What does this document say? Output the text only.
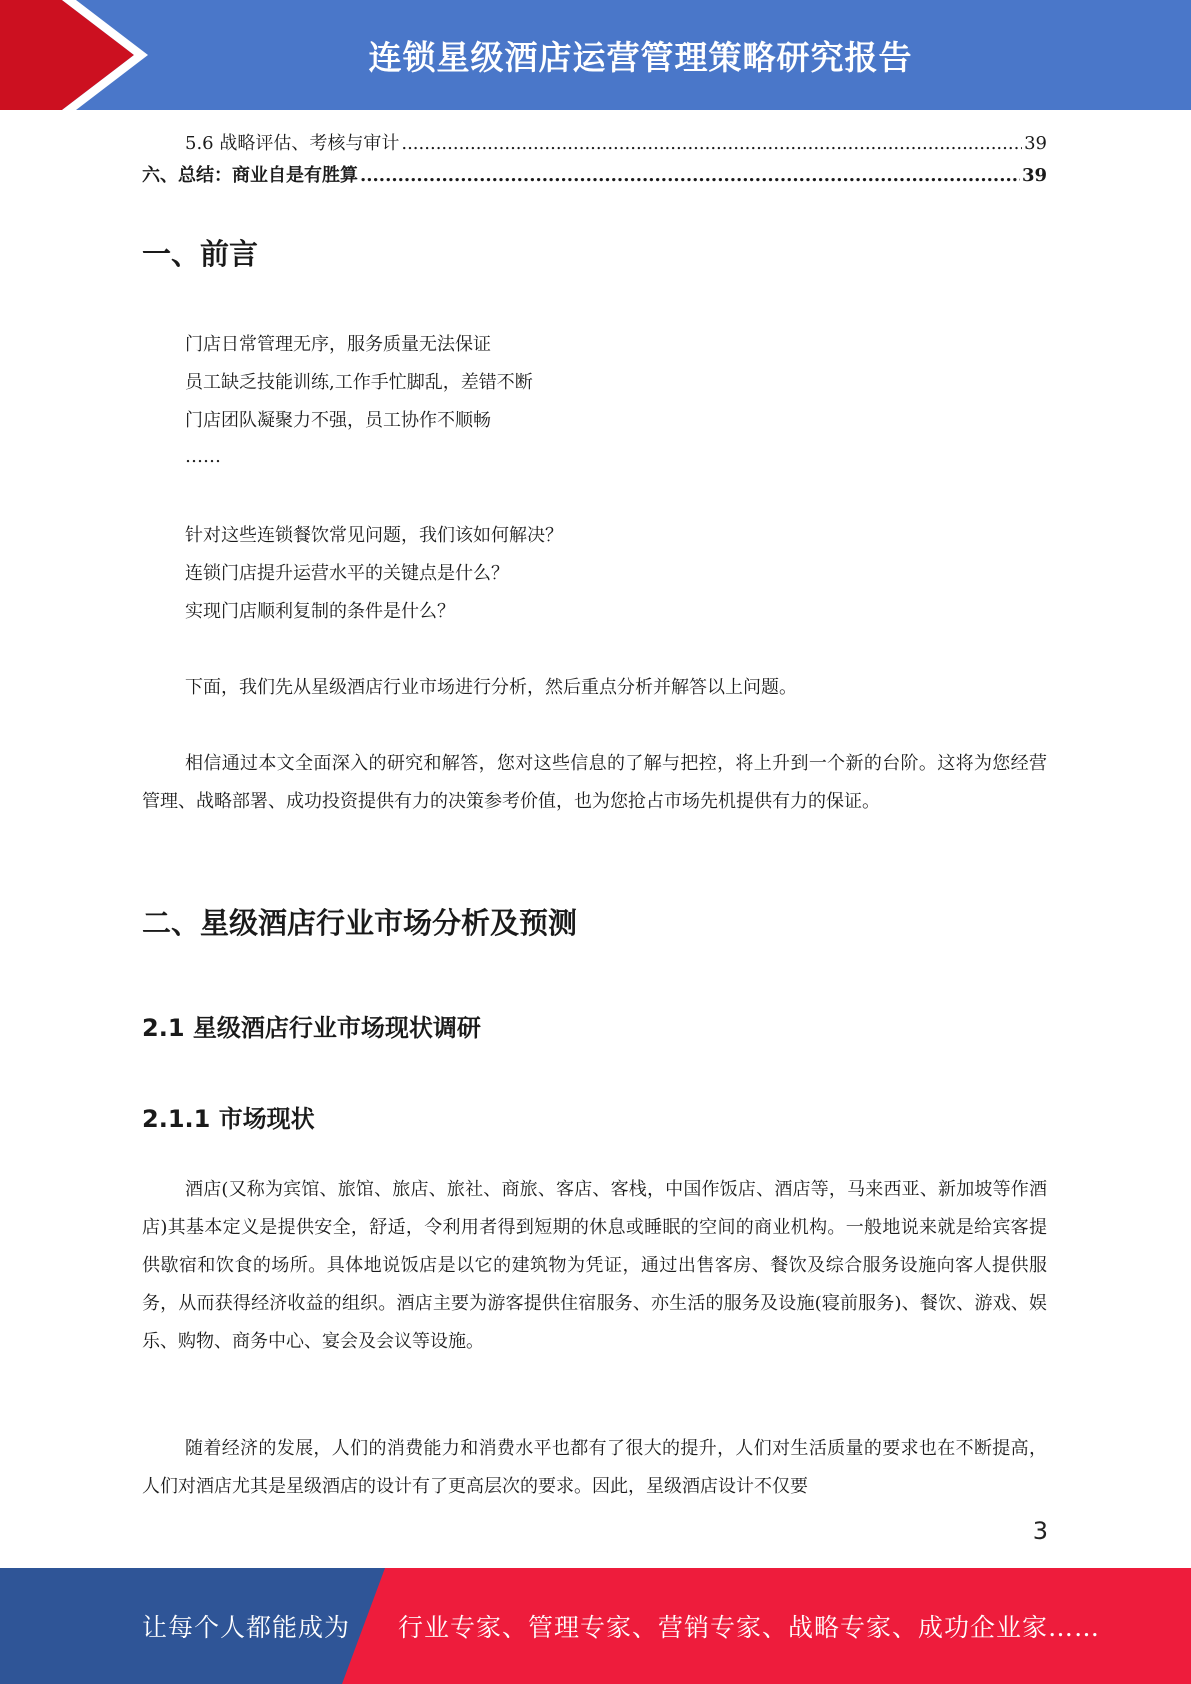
连锁星级酒店运营管理策略研究报告
5.6 战略评估、考核与审计 .....	39
六、总结：商业自是有胜算 .....	39
一、前言
门店日常管理无序，服务质量无法保证
员工缺乏技能训练,工作手忙脚乱，差错不断
门店团队凝聚力不强，员工协作不顺畅
……
针对这些连锁餐饮常见问题，我们该如何解决？
连锁门店提升运营水平的关键点是什么？
实现门店顺利复制的条件是什么？

下面，我们先从星级酒店行业市场进行分析，然后重点分析并解答以上问题。

相信通过本文全面深入的研究和解答，您对这些信息的了解与把控，将上升到一个新的台阶。这将为您经营管理、战略部署、成功投资提供有力的决策参考价值，也为您抢占市场先机提供有力的保证。

二、星级酒店行业市场分析及预测
2.1 星级酒店行业市场现状调研
2.1.1 市场现状

酒店(又称为宾馆、旅馆、旅店、旅社、商旅、客店、客栈，中国作饭店、酒店等，马来西亚、新加坡等作酒店)其基本定义是提供安全，舒适，令利用者得到短期的休息或睡眠的空间的商业机构。一般地说来就是给宾客提供歇宿和饮食的场所。具体地说饭店是以它的建筑物为凭证，通过出售客房、餐饮及综合服务设施向客人提供服务，从而获得经济收益的组织。酒店主要为游客提供住宿服务、亦生活的服务及设施(寝前服务)、餐饮、游戏、娱乐、购物、商务中心、宴会及会议等设施。

随着经济的发展，人们的消费能力和消费水平也都有了很大的提升，人们对生活质量的要求也在不断提高，人们对酒店尤其是星级酒店的设计有了更高层次的要求。因此，星级酒店设计不仅要

3
让每个人都能成为 行业专家、管理专家、营销专家、战略专家、成功企业家……
